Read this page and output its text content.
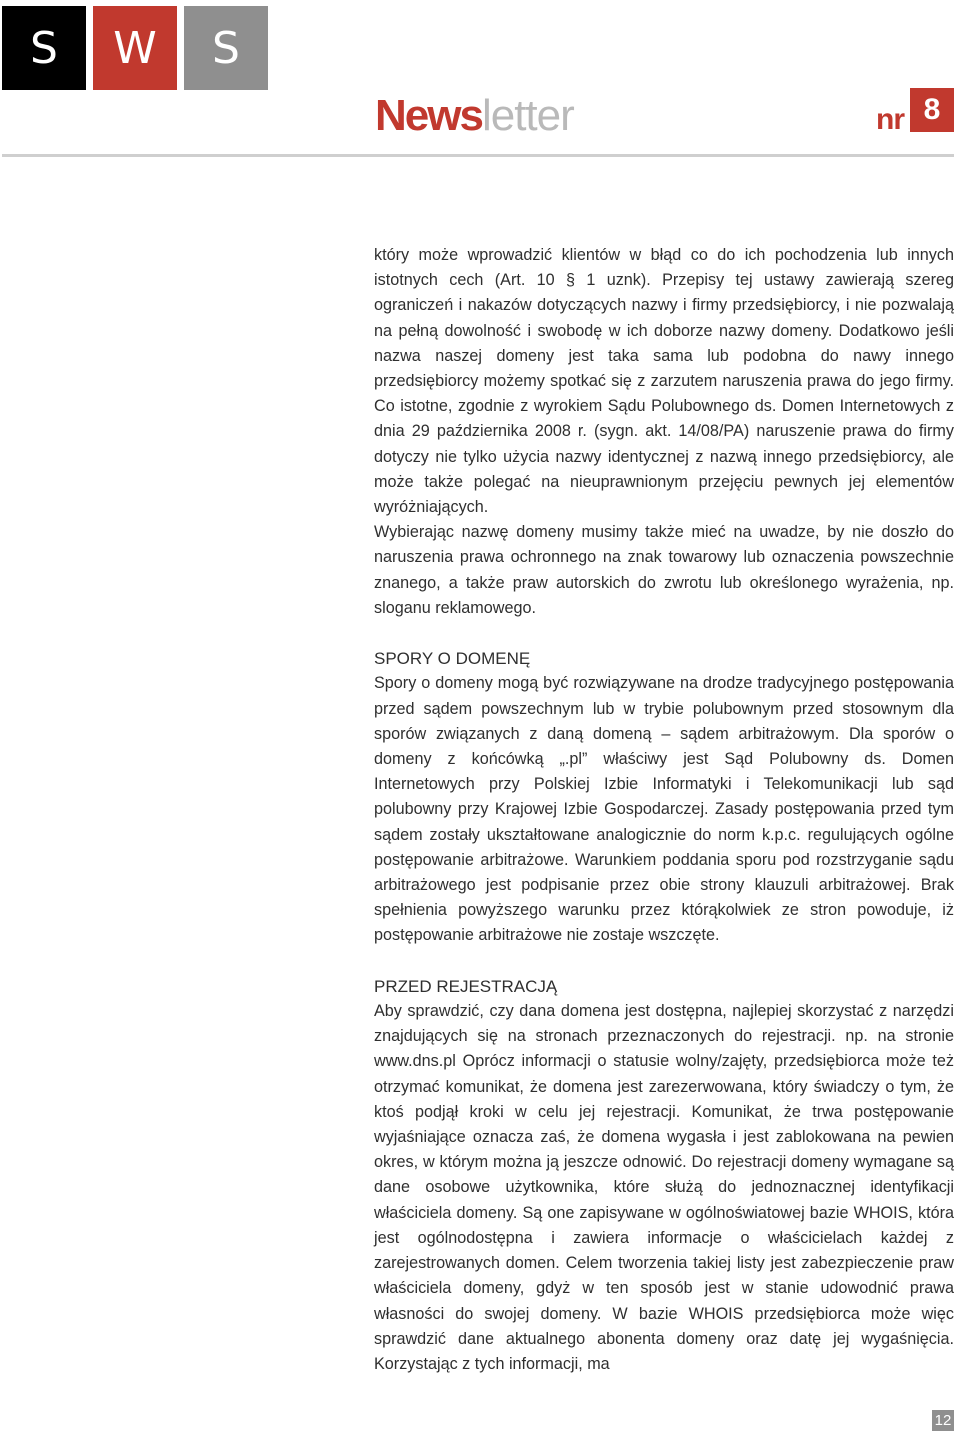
S	W	S
Newsletter	nr 8

który może wprowadzić klientów w błąd co do ich pochodzenia lub innych istotnych cech (Art. 10 § 1 uznk). Przepisy tej ustawy zawierają szereg ograniczeń i nakazów dotyczących nazwy i firmy przedsiębiorcy, i nie pozwalają na pełną dowolność i swobodę w ich doborze nazwy domeny. Dodatkowo jeśli nazwa naszej domeny jest taka sama lub podobna do nawy innego przedsiębiorcy możemy spotkać się z zarzutem naruszenia prawa do jego firmy. Co istotne, zgodnie z wyrokiem Sądu Polubownego ds. Domen Internetowych z dnia 29 października 2008 r. (sygn. akt. 14/08/PA) naruszenie prawa do firmy dotyczy nie tylko użycia nazwy identycznej z nazwą innego przedsiębiorcy, ale może także polegać na nieuprawnionym przejęciu pewnych jej elementów wyróżniających.

Wybierając nazwę domeny musimy także mieć na uwadze, by nie doszło do naruszenia prawa ochronnego na znak towarowy lub oznaczenia powszechnie znanego, a także praw autorskich do zwrotu lub określonego wyrażenia, np. sloganu reklamowego.

SPORY O DOMENĘ

Spory o domeny mogą być rozwiązywane na drodze tradycyjnego postępowania przed sądem powszechnym lub w trybie polubownym przed stosownym dla sporów związanych z daną domeną – sądem arbitrażowym. Dla sporów o domeny z końcówką „.pl” właściwy jest Sąd Polubowny ds. Domen Internetowych przy Polskiej Izbie Informatyki i Telekomunikacji lub sąd polubowny przy Krajowej Izbie Gospodarczej. Zasady postępowania przed tym sądem zostały ukształtowane analogicznie do norm k.p.c. regulujących ogólne postępowanie arbitrażowe. Warunkiem poddania sporu pod rozstrzyganie sądu arbitrażowego jest podpisanie przez obie strony klauzuli arbitrażowej. Brak spełnienia powyższego warunku przez którąkolwiek ze stron powoduje, iż postępowanie arbitrażowe nie zostaje wszczęte.

PRZED REJESTRACJĄ

Aby sprawdzić, czy dana domena jest dostępna, najlepiej skorzystać z narzędzi znajdujących się na stronach przeznaczonych do rejestracji. np. na stronie www.dns.pl Oprócz informacji o statusie wolny/zajęty, przedsiębiorca może też otrzymać komunikat, że domena jest zarezerwowana, który świadczy o tym, że ktoś podjął kroki w celu jej rejestracji. Komunikat, że trwa postępowanie wyjaśniające oznacza zaś, że domena wygasła i jest zablokowana na pewien okres, w którym można ją jeszcze odnowić. Do rejestracji domeny wymagane są dane osobowe użytkownika, które służą do jednoznacznej identyfikacji właściciela domeny. Są one zapisywane w ogólnoświatowej bazie WHOIS, która jest ogólnodostępna i zawiera informacje o właścicielach każdej z zarejestrowanych domen. Celem tworzenia takiej listy jest zabezpieczenie praw właściciela domeny, gdyż w ten sposób jest w stanie udowodnić prawa własności do swojej domeny. W bazie WHOIS przedsiębiorca może więc sprawdzić dane aktualnego abonenta domeny oraz datę jej wygaśnięcia. Korzystając z tych informacji, ma

12
